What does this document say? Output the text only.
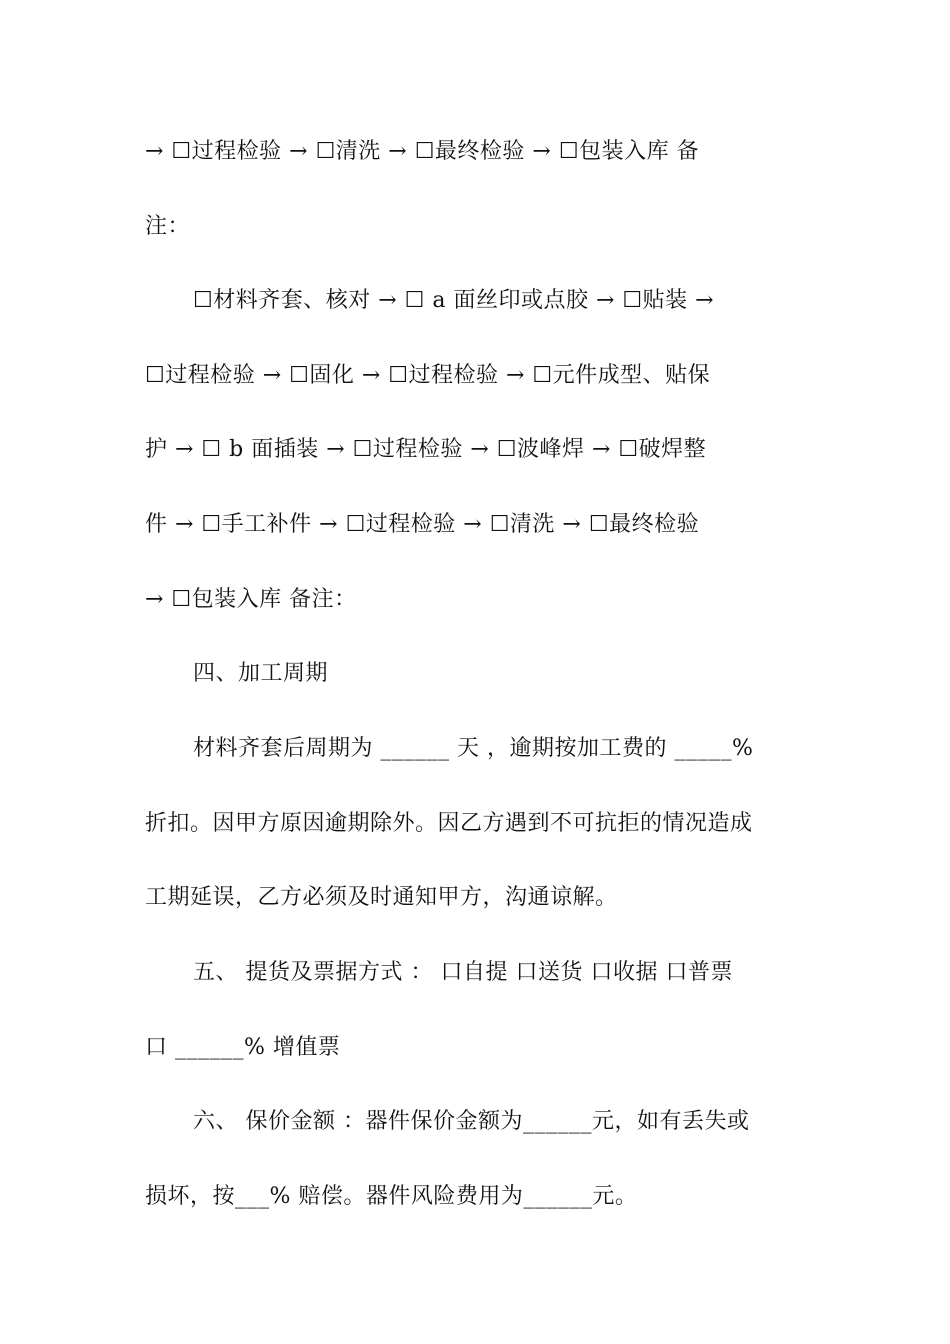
→ ☐过程检验 → ☐清洗 → ☐最终检验 → ☐包装入库 备
注：
☐材料齐套、核对 → ☐ a 面丝印或点胶 → ☐贴装 →
☐过程检验 → ☐固化 → ☐过程检验 → ☐元件成型、贴保
护 → ☐ b 面插装 → ☐过程检验 → ☐波峰焊 → ☐破焊整
件 → ☐手工补件 → ☐过程检验 → ☐清洗 → ☐最终检验
→ ☐包装入库 备注：
四、加工周期
材料齐套后周期为 ______ 天 ，逾期按加工费的 _____%
折扣。因甲方原因逾期除外。因乙方遇到不可抗拒的情况造成
工期延误，乙方必须及时通知甲方，沟通谅解。
五、 提货及票据方式 ： 口自提 口送货 口收据 口普票
口 ______% 增值票
六、 保价金额 ：器件保价金额为______元，如有丢失或
损坏，按___% 赔偿。器件风险费用为______元。
